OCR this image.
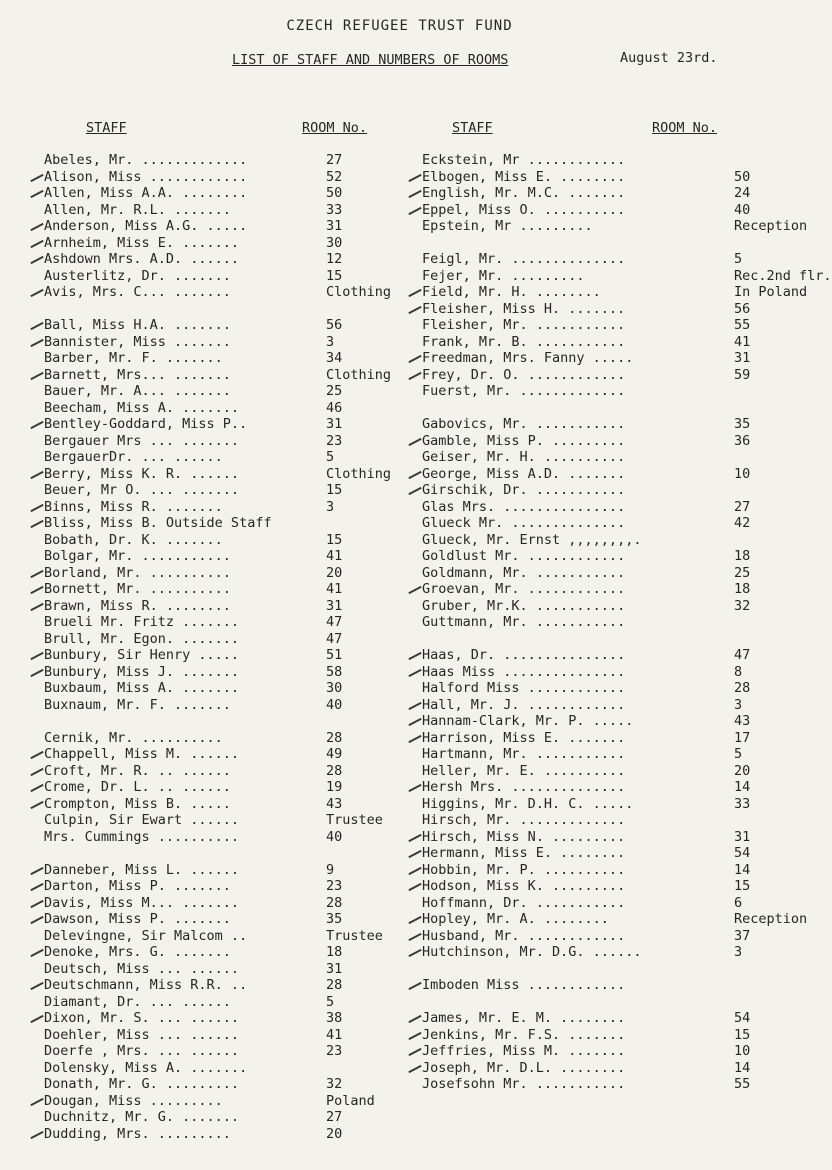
CZECH REFUGEE TRUST FUND
LIST OF STAFF AND NUMBERS OF ROOMS	August 23rd.
STAFF	ROOM No.	STAFF	ROOM No.
Abeles, Mr. .............	27
Alison, Miss ............	52
Allen, Miss A.A. ........	50
Allen, Mr. R.L. .......	33
Anderson, Miss A.G. .....	31
Arnheim, Miss E. .......	30
Ashdown Mrs. A.D. ......	12
Austerlitz, Dr. .......	15
Avis, Mrs. C... .......	Clothing
Ball, Miss H.A. .......	56
Bannister, Miss .......	3
Barber, Mr. F. .......	34
Barnett, Mrs... .......	Clothing
Bauer, Mr. A... .......	25
Beecham, Miss A. .......	46
Bentley-Goddard, Miss P..	31
Bergauer Mrs ... .......	23
BergauerDr. ... ......	5
Berry, Miss K. R. ......	Clothing
Beuer, Mr O. ... .......	15
Binns, Miss R. .......	3
Bliss, Miss B. Outside Staff
Bobath, Dr. K. .......	15
Bolgar, Mr. ...........	41
Borland, Mr. ..........	20
Bornett, Mr. ..........	41
Brawn, Miss R. ........	31
Brueli Mr. Fritz .......	47
Brull, Mr. Egon. .......	47
Bunbury, Sir Henry .....	51
Bunbury, Miss J. .......	58
Buxbaum, Miss A. .......	30
Buxnaum, Mr. F. .......	40
Cernik, Mr. ..........	28
Chappell, Miss M. ......	49
Croft, Mr. R. .. ......	28
Crome, Dr. L. .. ......	19
Crompton, Miss B. .....	43
Culpin, Sir Ewart ......	Trustee
Mrs. Cummings ..........	40
Danneber, Miss L. ......	9
Darton, Miss P. .......	23
Davis, Miss M... .......	28
Dawson, Miss P. .......	35
Delevingne, Sir Malcom ..	Trustee
Denoke, Mrs. G. .......	18
Deutsch, Miss ... ......	31
Deutschmann, Miss R.R. ..	28
Diamant, Dr. ... ......	5
Dixon, Mr. S. ... ......	38
Doehler, Miss ... ......	41
Doerfe , Mrs. ... ......	23
Dolensky, Miss A. .......
Donath, Mr. G. .........	32
Dougan, Miss .........	Poland
Duchnitz, Mr. G. .......	27
Dudding, Mrs. .........	20
Eckstein, Mr ............
Elbogen, Miss E. ........	50
English, Mr. M.C. .......	24
Eppel, Miss O. ..........	40
Epstein, Mr .........	Reception
Feigl, Mr. ..............	5
Fejer, Mr. .........	Rec.2nd flr.
Field, Mr. H. ........	In Poland
Fleisher, Miss H. .......	56
Fleisher, Mr. ...........	55
Frank, Mr. B. ...........	41
Freedman, Mrs. Fanny .....	31
Frey, Dr. O. ............	59
Fuerst, Mr. .............
Gabovics, Mr. ...........	35
Gamble, Miss P. .........	36
Geiser, Mr. H. ..........
George, Miss A.D. .......	10
Girschik, Dr. ...........
Glas Mrs. ...............	27
Glueck Mr. ..............	42
Glueck, Mr. Ernst ,,,,,,,,.
Goldlust Mr. ............	18
Goldmann, Mr. ...........	25
Groevan, Mr. ............	18
Gruber, Mr.K. ...........	32
Guttmann, Mr. ...........
Haas, Dr. ...............	47
Haas Miss ...............	8
Halford Miss ............	28
Hall, Mr. J. ............	3
Hannam-Clark, Mr. P. .....	43
Harrison, Miss E. .......	17
Hartmann, Mr. ...........	5
Heller, Mr. E. ..........	20
Hersh Mrs. ..............	14
Higgins, Mr. D.H. C. .....	33
Hirsch, Mr. .............
Hirsch, Miss N. .........	31
Hermann, Miss E. ........	54
Hobbin, Mr. P. ..........	14
Hodson, Miss K. .........	15
Hoffmann, Dr. ...........	6
Hopley, Mr. A. ........	Reception
Husband, Mr. ............	37
Hutchinson, Mr. D.G. ......	3
Imboden Miss ............
James, Mr. E. M. ........	54
Jenkins, Mr. F.S. .......	15
Jeffries, Miss M. .......	10
Joseph, Mr. D.L. ........	14
Josefsohn Mr. ...........	55
